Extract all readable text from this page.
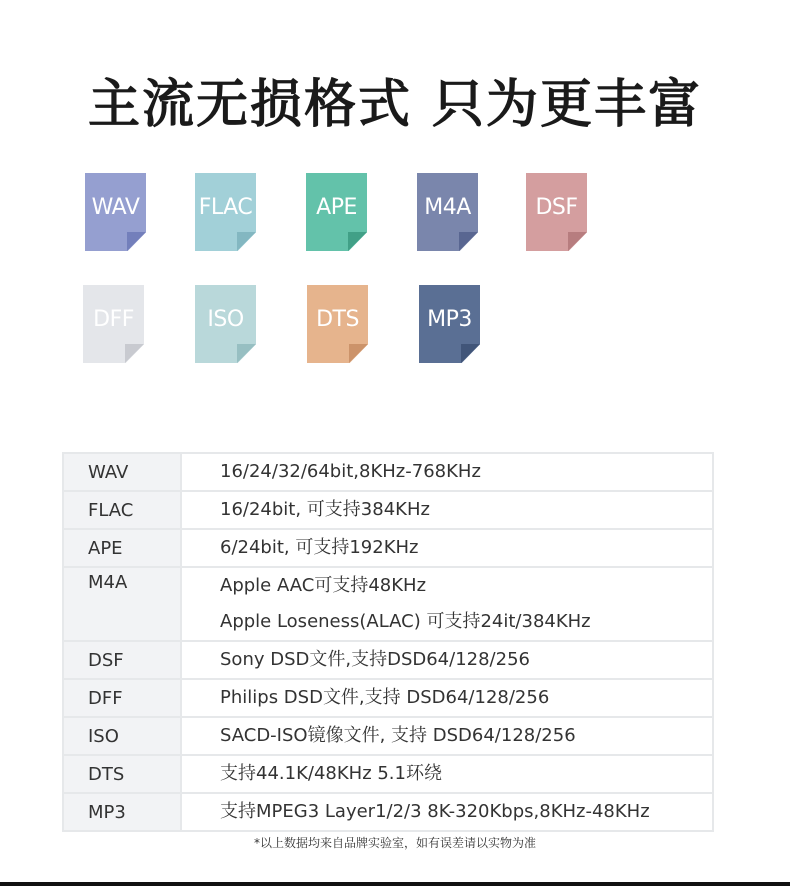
主流无损格式 只为更丰富
WAV	FLAC	APE	M4A	DSF
DFF	ISO	DTS	MP3
WAV	16/24/32/64bit,8KHz-768KHz

FLAC	16/24bit, 可支持384KHz

APE	6/24bit, 可支持192KHz

M4A	Apple AAC可支持48KHz
Apple Loseness(ALAC) 可支持24it/384KHz

DSF	Sony DSD文件,支持DSD64/128/256

DFF	Philips DSD文件,支持 DSD64/128/256

ISO	SACD-ISO镜像文件, 支持 DSD64/128/256

DTS	支持44.1K/48KHz 5.1环绕

MP3	支持MPEG3 Layer1/2/3 8K-320Kbps,8KHz-48KHz
*以上数据均来自品牌实验室，如有误差请以实物为准
